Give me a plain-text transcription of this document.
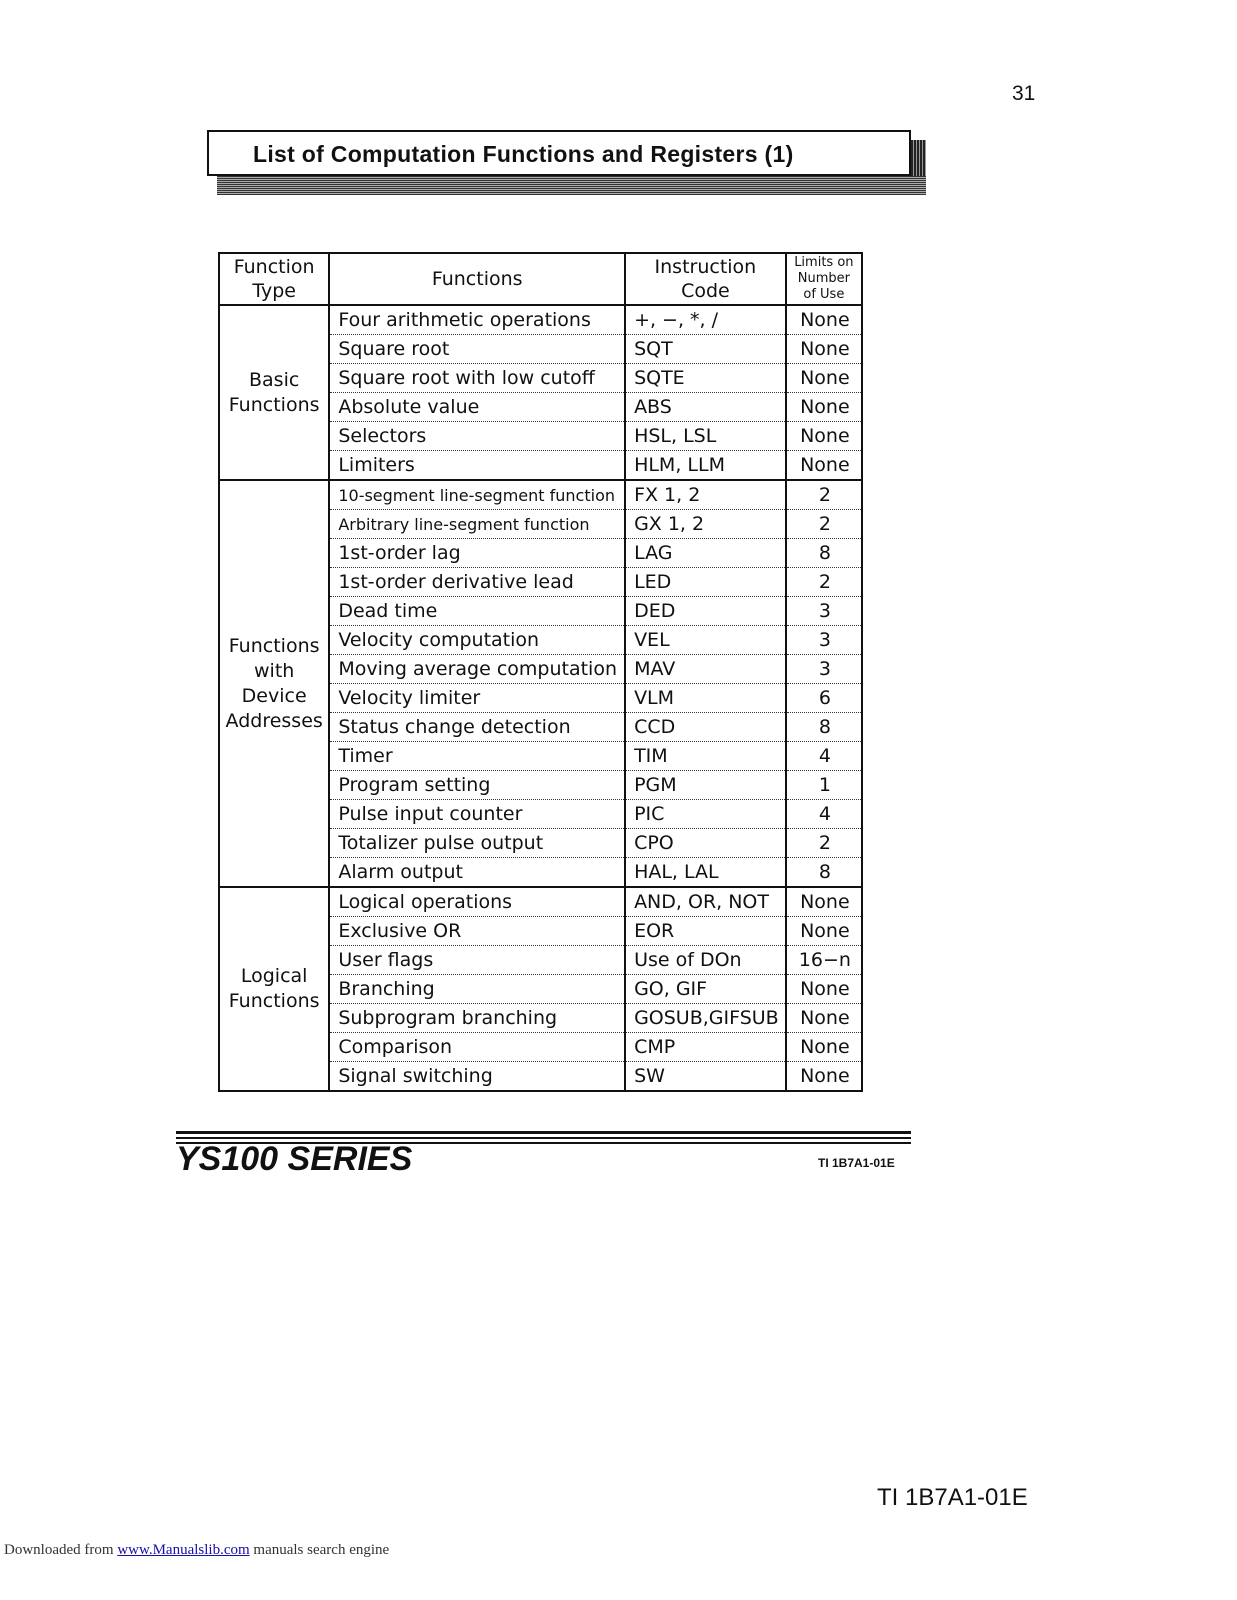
31
List of Computation Functions and Registers (1)
Function Type	Functions	Instruction Code	Limits on Number of Use
Basic Functions	Four arithmetic operations	+, −, *, /	None
	Square root	SQT	None
	Square root with low cutoff	SQTE	None
	Absolute value	ABS	None
	Selectors	HSL, LSL	None
	Limiters	HLM, LLM	None
Functions with Device Addresses	10-segment line-segment function	FX 1, 2	2
	Arbitrary line-segment function	GX 1, 2	2
	1st-order lag	LAG	8
	1st-order derivative lead	LED	2
	Dead time	DED	3
	Velocity computation	VEL	3
	Moving average computation	MAV	3
	Velocity limiter	VLM	6
	Status change detection	CCD	8
	Timer	TIM	4
	Program setting	PGM	1
	Pulse input counter	PIC	4
	Totalizer pulse output	CPO	2
	Alarm output	HAL, LAL	8
Logical Functions	Logical operations	AND, OR, NOT	None
	Exclusive OR	EOR	None
	User flags	Use of DOn	16−n
	Branching	GO, GIF	None
	Subprogram branching	GOSUB,GIFSUB	None
	Comparison	CMP	None
	Signal switching	SW	None
YS100 SERIES	TI 1B7A1-01E
TI 1B7A1-01E
Downloaded from www.Manualslib.com manuals search engine
